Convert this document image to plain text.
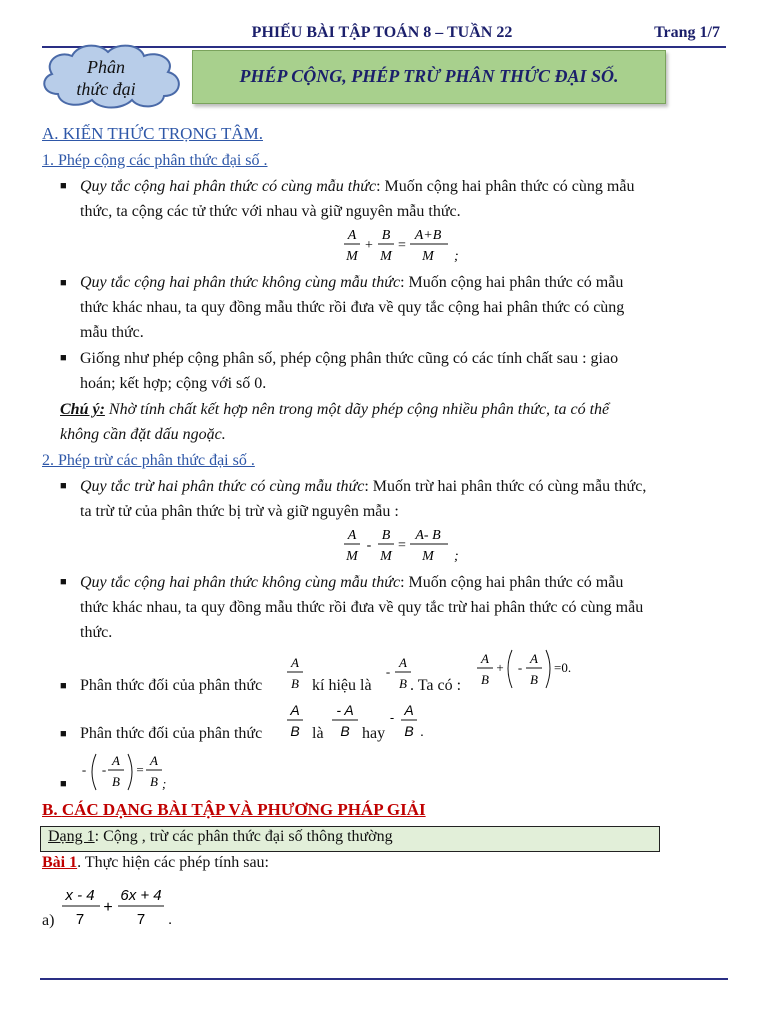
PHIẾU BÀI TẬP TOÁN 8 – TUẦN 22	Trang 1/7
Phân
thức đại
PHÉP CỘNG, PHÉP TRỪ PHÂN THỨC ĐẠI SỐ.
A. KIẾN THỨC TRỌNG TÂM.
1. Phép cộng các phân thức đại số .
■ Quy tắc cộng hai phân thức có cùng mẫu thức: Muốn cộng hai phân thức có cùng mẫu
thức, ta cộng các tử thức với nhau và giữ nguyên mẫu thức.
A
M
+
B
M
=
A+B
M ;
■ Quy tắc cộng hai phân thức không cùng mẫu thức: Muốn cộng hai phân thức có mẫu
thức khác nhau, ta quy đồng mẫu thức rồi đưa về quy tắc cộng hai phân thức có cùng
mẫu thức.
■ Giống như phép cộng phân số, phép cộng phân thức cũng có các tính chất sau : giao
hoán; kết hợp; cộng với số 0.
Chú ý: Nhờ tính chất kết hợp nên trong một dãy phép cộng nhiều phân thức, ta có thể
không cần đặt dấu ngoặc.
2. Phép trừ các phân thức đại số .
■ Quy tắc trừ hai phân thức có cùng mẫu thức: Muốn trừ hai phân thức có cùng mẫu thức,
ta trừ tử của phân thức bị trừ và giữ nguyên mẫu :
A
M
-
B
M
=
A- B
M ;
■ Quy tắc cộng hai phân thức không cùng mẫu thức: Muốn cộng hai phân thức có mẫu
thức khác nhau, ta quy đồng mẫu thức rồi đưa về quy tắc trừ hai phân thức có cùng mẫu
thức.
■ Phân thức đối của phân thức
A
B kí hiệu là
-
A
B . Ta có :
A
B
+ -
A
B
=0.
■ Phân thức đối của phân thức
A
B là
- A
B hay
- A
B .
■
- -
A
B
=
A
B ;
B. CÁC DẠNG BÀI TẬP VÀ PHƯƠNG PHÁP GIẢI
Dạng 1: Cộng , trừ các phân thức đại số thông thường
Bài 1. Thực hiện các phép tính sau:
a)
x - 4
7
+
6x + 4
7 .
